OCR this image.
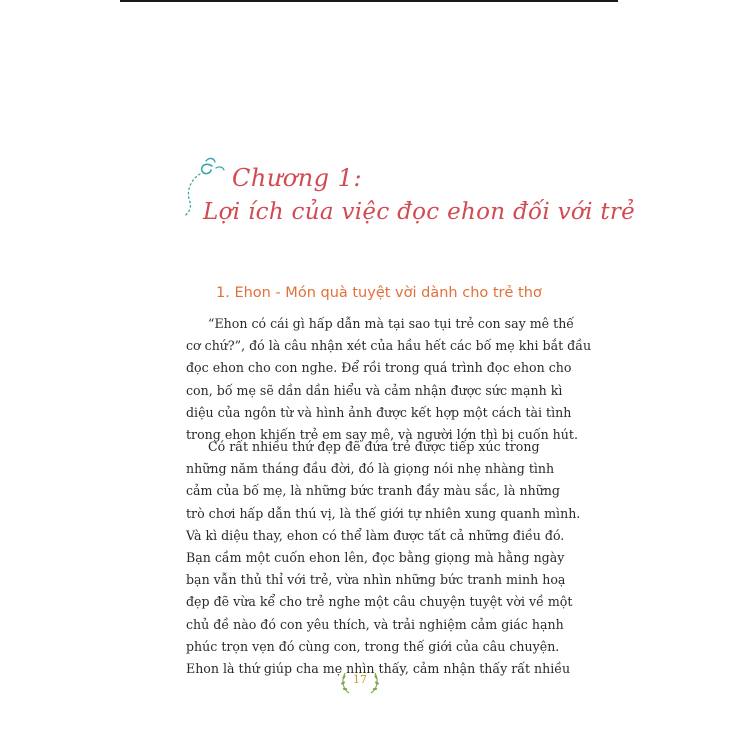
Chương 1:
Lợi ích của việc đọc ehon đối với trẻ
1. Ehon - Món quà tuyệt vời dành cho trẻ thơ
“Ehon có cái gì hấp dẫn mà tại sao tụi trẻ con say mê thế
cơ chứ?”, đó là câu nhận xét của hầu hết các bố mẹ khi bắt đầu
đọc ehon cho con nghe. Để rồi trong quá trình đọc ehon cho
con, bố mẹ sẽ dần dần hiểu và cảm nhận được sức mạnh kì
diệu của ngôn từ và hình ảnh được kết hợp một cách tài tình
trong ehon khiến trẻ em say mê, và người lớn thì bị cuốn hút.
Có rất nhiều thứ đẹp đẽ đứa trẻ được tiếp xúc trong
những năm tháng đầu đời, đó là giọng nói nhẹ nhàng tình
cảm của bố mẹ, là những bức tranh đầy màu sắc, là những
trò chơi hấp dẫn thú vị, là thế giới tự nhiên xung quanh mình.
Và kì diệu thay, ehon có thể làm được tất cả những điều đó.
Bạn cầm một cuốn ehon lên, đọc bằng giọng mà hằng ngày
bạn vẫn thủ thỉ với trẻ, vừa nhìn những bức tranh minh hoạ
đẹp đẽ vừa kể cho trẻ nghe một câu chuyện tuyệt vời về một
chủ đề nào đó con yêu thích, và trải nghiệm cảm giác hạnh
phúc trọn vẹn đó cùng con, trong thế giới của câu chuyện.
Ehon là thứ giúp cha mẹ nhìn thấy, cảm nhận thấy rất nhiều
17
